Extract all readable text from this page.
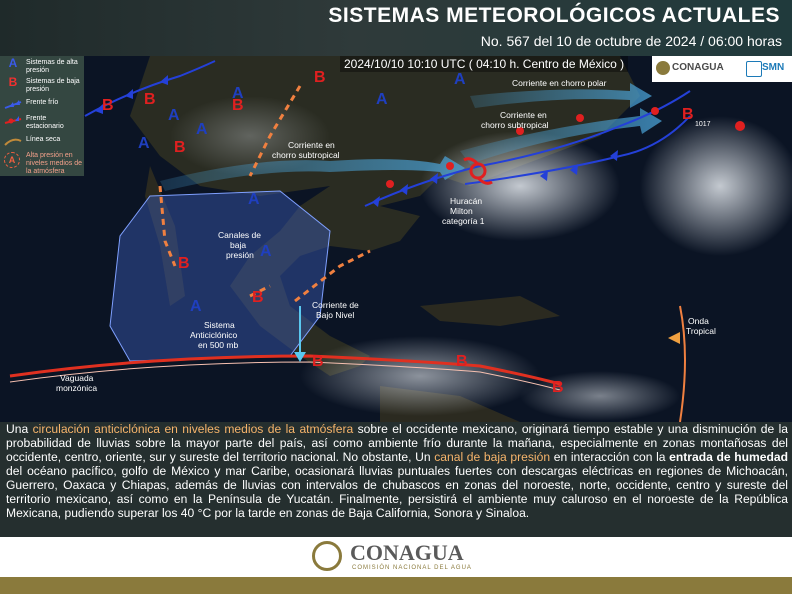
SISTEMAS METEOROLÓGICOS ACTUALES
No. 567 del 10 de octubre de 2024 / 06:00 horas
A
A
A
A	A
A
A
A
A
B B	B
B
B
B
B
B	B
B
B
Corriente en chorro polar
Corriente en
chorro subtropical
Corriente en
chorro subtropical
Huracán
Milton
categoría 1
Canales de
baja
presión
Corriente de
Bajo Nivel
Sistema
Anticiclónico
en 500 mb
Vaguada
monzónica
Onda
Tropical
1017
2024/10/10 10:10 UTC ( 04:10 h. Centro de México )	CONAGUA	SMN
A	Sistemas de alta presión
B	Sistemas de baja presión
Frente frío
Frente estacionario
Línea seca
A	Alta presión en niveles medios de la atmósfera

Una circulación anticiclónica en niveles medios de la atmósfera sobre el occidente mexicano, originará tiempo estable y una disminución de la probabilidad de lluvias sobre la mayor parte del país, así como ambiente frío durante la mañana, especialmente en zonas montañosas del occidente, centro, oriente, sur y sureste del territorio nacional. No obstante, Un canal de baja presión en interacción con la entrada de humedad del océano pacífico, golfo de México y mar Caribe, ocasionará lluvias puntuales fuertes con descargas eléctricas en regiones de Michoacán, Guerrero, Oaxaca y Chiapas, además de lluvias con intervalos de chubascos en zonas del noroeste, norte, occidente, centro y sureste del territorio mexicano, así como en la Península de Yucatán. Finalmente, persistirá el ambiente muy caluroso en el noroeste de la República Mexicana, pudiendo superar los 40 °C por la tarde en zonas de Baja California, Sonora y Sinaloa.

CONAGUA
COMISIÓN NACIONAL DEL AGUA
